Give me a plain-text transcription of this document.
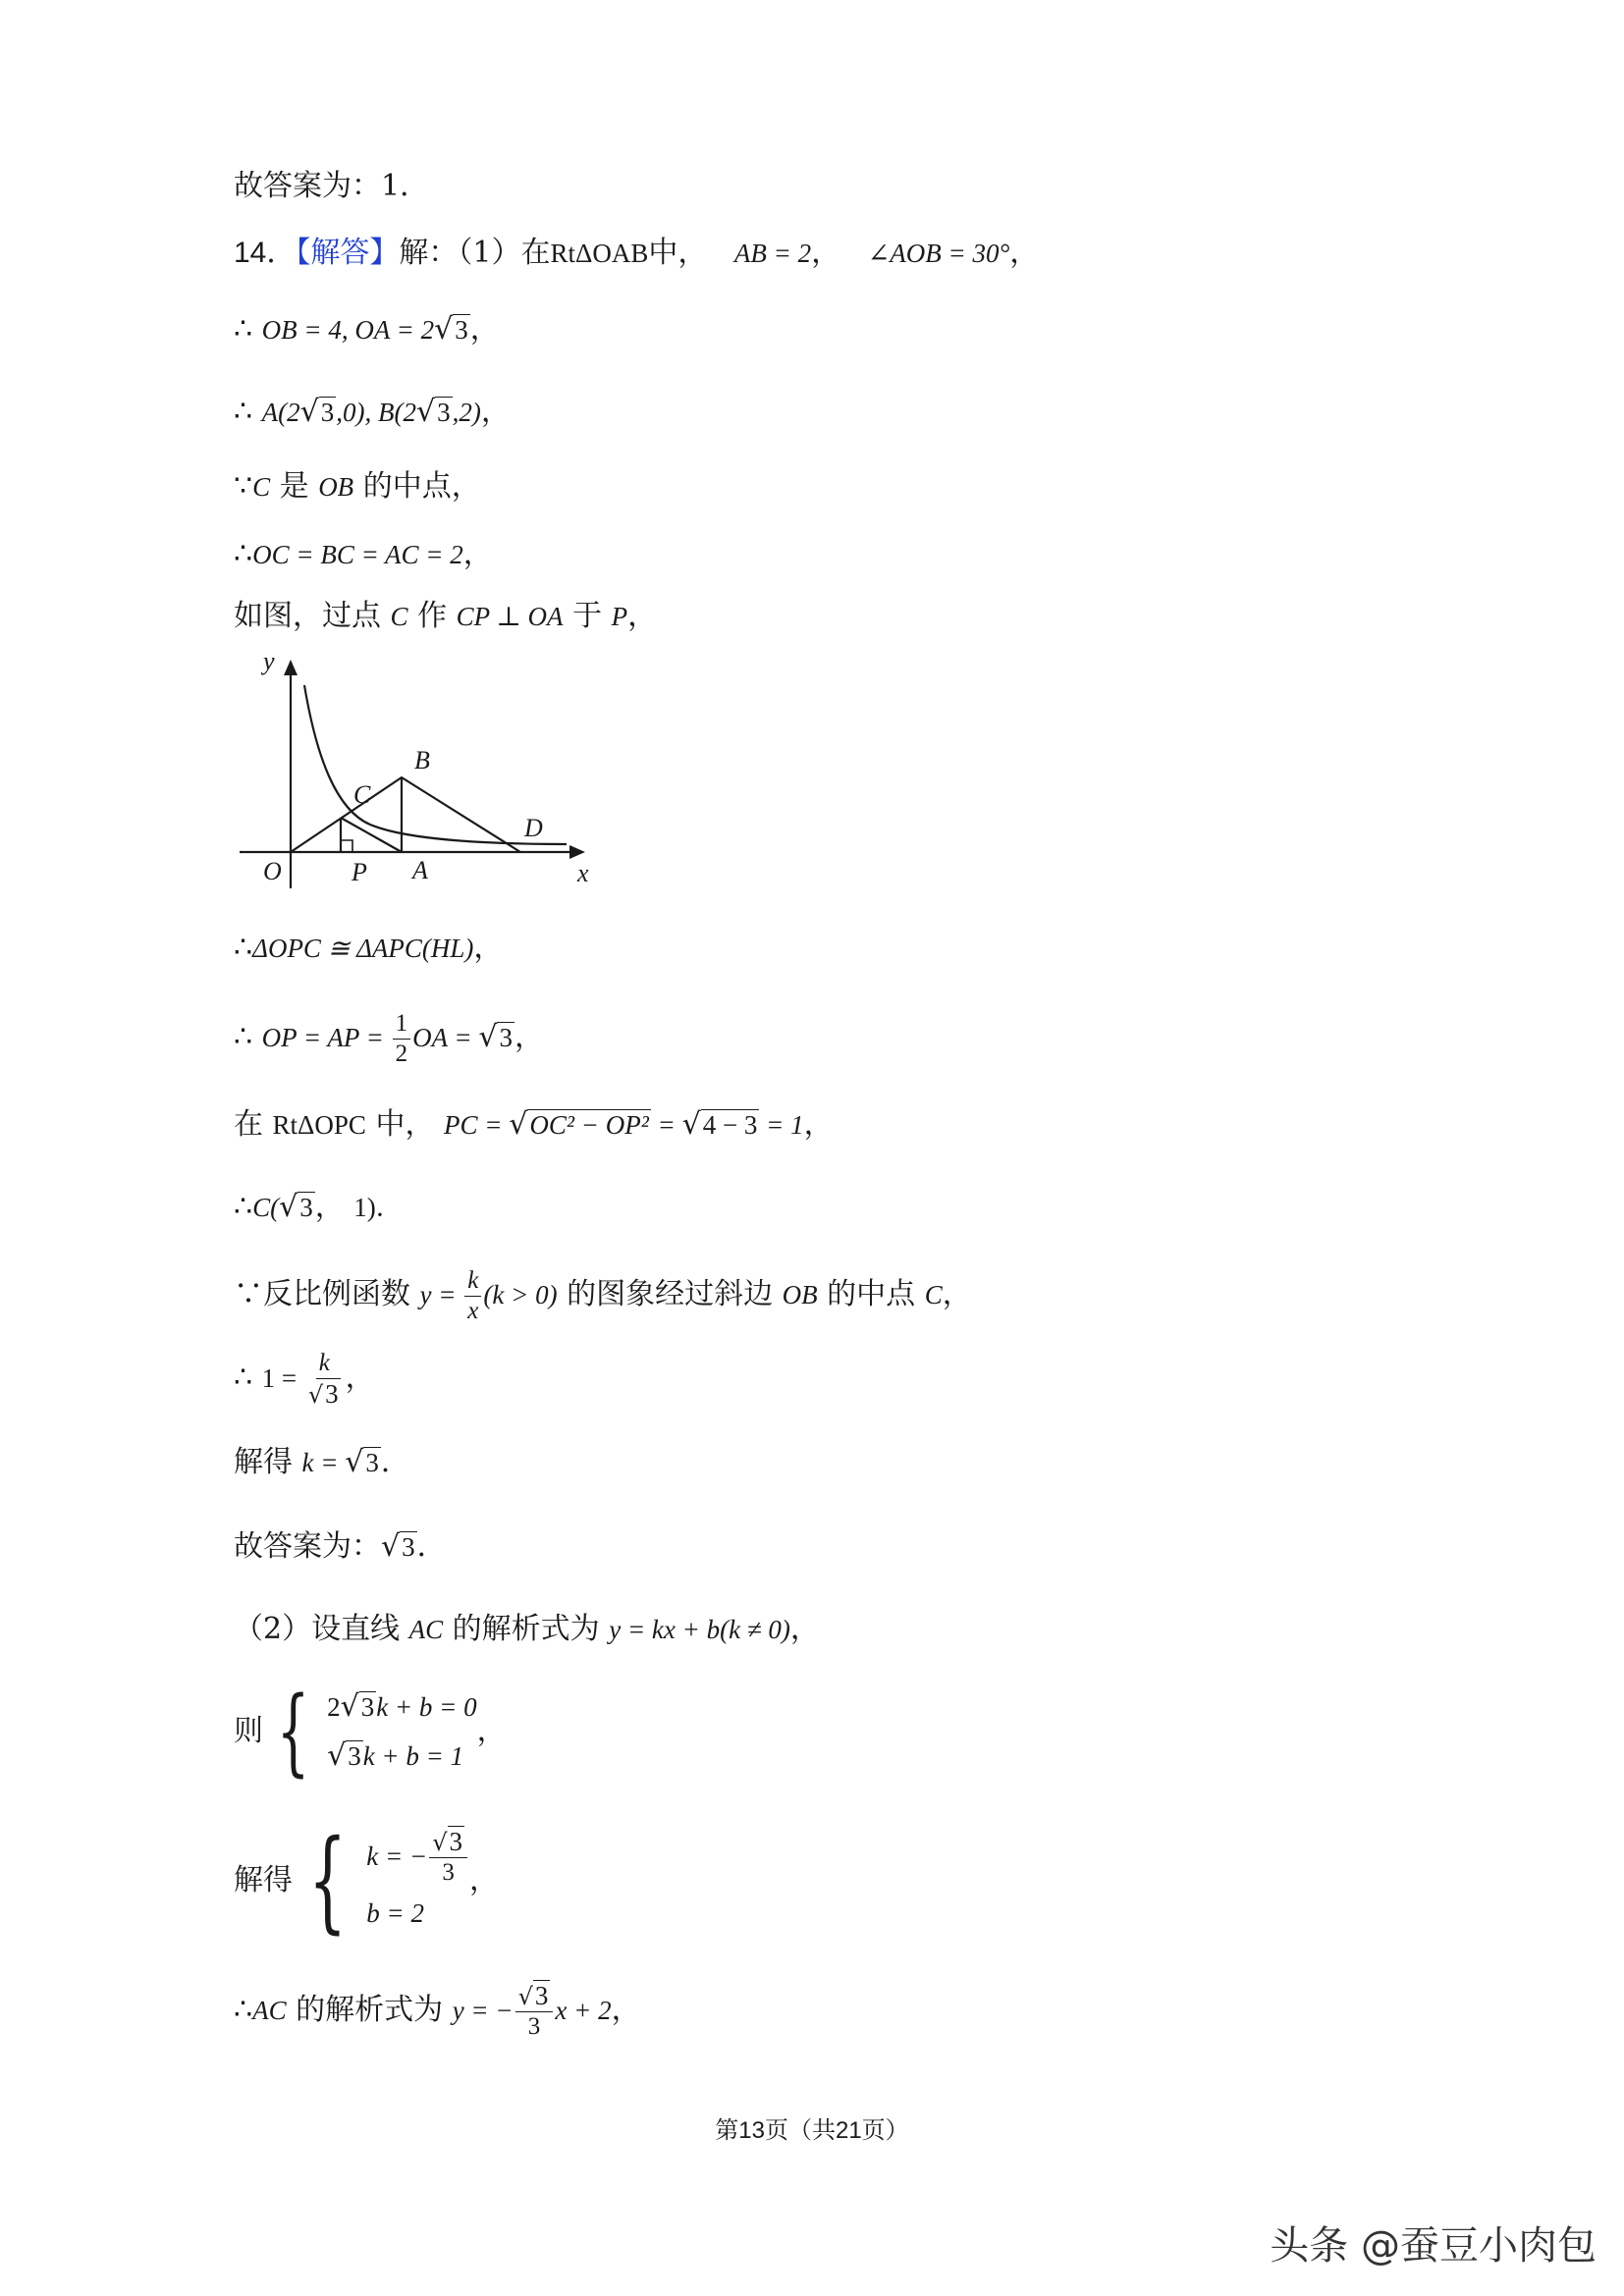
故答案为：1．
14．【解答】解：（1）在RtΔOAB中， AB = 2， ∠AOB = 30°，
∴ OB = 4, OA = 2√3，
∴ A(2√3,0), B(2√3,2)，
∵C 是 OB 的中点，
∴OC = BC = AC = 2，
如图，过点 C 作 CP ⊥ OA 于 P，
y
x
O	P A
B
C
D
∴ΔOPC ≅ ΔAPC(HL)，
∴ OP = AP = $\frac{1}{2}$ OA = √3，
在 RtΔOPC 中， PC = √OC² − OP² = √4 − 3 = 1，
∴C(√3， 1)．
∵反比例函数 $y = \frac{k}{x} (k > 0)$ 的图象经过斜边 OB 的中点 C，
∴ $1 = \frac{k}{√3}$ ，
解得 k = √3．
故答案为：√3．
（2）设直线 AC 的解析式为 y = kx + b(k ≠ 0)，
则 { 2√3k + b = 0
√3k + b = 1
，
解得 { k = − $\frac{√3}{3}$
b = 2
，
∴AC 的解析式为 y = − $\frac{√3}{3}$ x + 2，
第13页（共21页）
头条 @蚕豆小肉包
